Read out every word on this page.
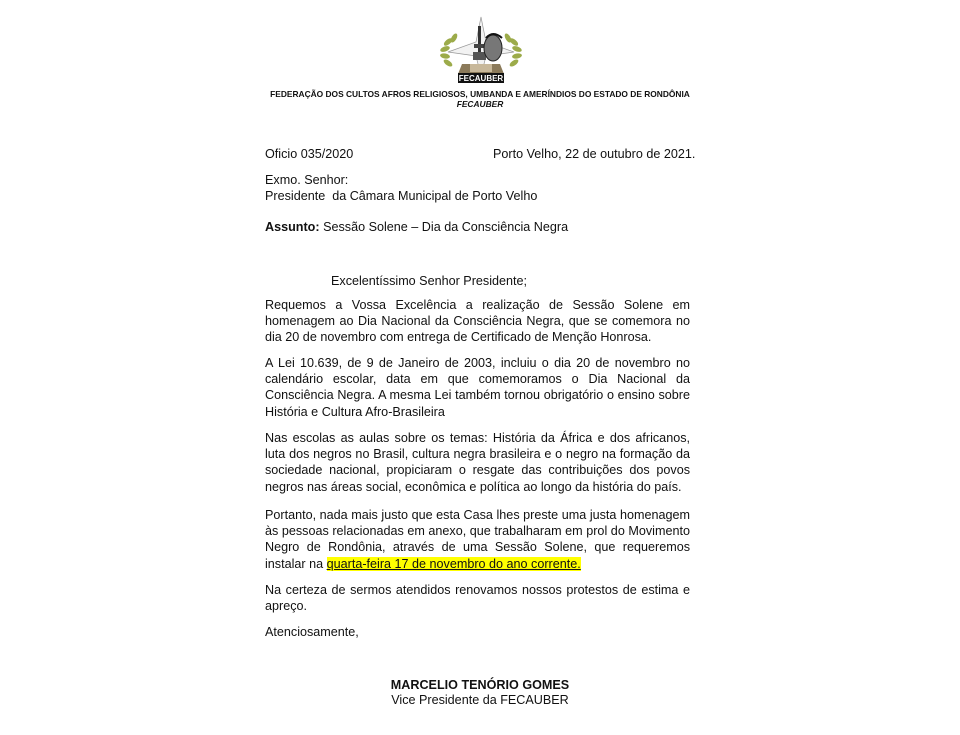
FECAUBER
FEDERAÇÃO DOS CULTOS AFROS RELIGIOSOS, UMBANDA E AMERÍNDIOS DO ESTADO DE RONDÔNIA
FECAUBER
Oficio 035/2020	Porto Velho, 22 de outubro de 2021.
Exmo. Senhor:
Presidente  da Câmara Municipal de Porto Velho
Assunto: Sessão Solene – Dia da Consciência Negra
Excelentíssimo Senhor Presidente;
Requemos a Vossa Excelência a realização de Sessão Solene em homenagem ao Dia Nacional da Consciência Negra, que se comemora no dia 20 de novembro com entrega de Certificado de Menção Honrosa.
A Lei 10.639, de 9 de Janeiro de 2003, incluiu o dia 20 de novembro no calendário escolar, data em que comemoramos o Dia Nacional da Consciência Negra. A mesma Lei também tornou obrigatório o ensino sobre História e Cultura Afro-Brasileira
Nas escolas as aulas sobre os temas: História da África e dos africanos, luta dos negros no Brasil, cultura negra brasileira e o negro na formação da sociedade nacional, propiciaram o resgate das contribuições dos povos negros nas áreas social, econômica e política ao longo da história do país.
Portanto, nada mais justo que esta Casa lhes preste uma justa homenagem às pessoas relacionadas em anexo, que trabalharam em prol do Movimento Negro de Rondônia, através de uma Sessão Solene, que requeremos instalar na quarta-feira 17 de novembro do ano corrente.
Na certeza de sermos atendidos renovamos nossos protestos de estima e apreço.
Atenciosamente,
MARCELIO TENÓRIO GOMES
Vice Presidente da FECAUBER
